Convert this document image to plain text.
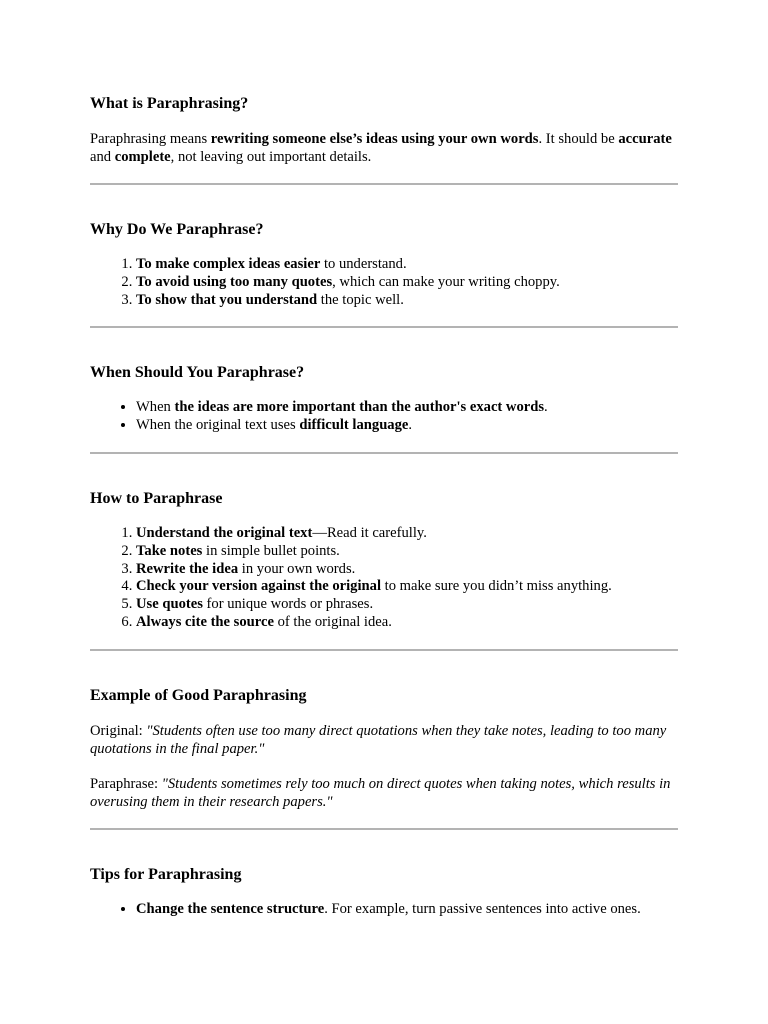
What is Paraphrasing?

Paraphrasing means rewriting someone else’s ideas using your own words. It should be accurate and complete, not leaving out important details.

Why Do We Paraphrase?
1. To make complex ideas easier to understand.
2. To avoid using too many quotes, which can make your writing choppy.
3. To show that you understand the topic well.
When Should You Paraphrase?
• When the ideas are more important than the author's exact words.
• When the original text uses difficult language.
How to Paraphrase
1. Understand the original text—Read it carefully.
2. Take notes in simple bullet points.
3. Rewrite the idea in your own words.
4. Check your version against the original to make sure you didn’t miss anything.
5. Use quotes for unique words or phrases.
6. Always cite the source of the original idea.
Example of Good Paraphrasing

Original: "Students often use too many direct quotations when they take notes, leading to too many quotations in the final paper."

Paraphrase: "Students sometimes rely too much on direct quotes when taking notes, which results in overusing them in their research papers."

Tips for Paraphrasing
• Change the sentence structure. For example, turn passive sentences into active ones.
